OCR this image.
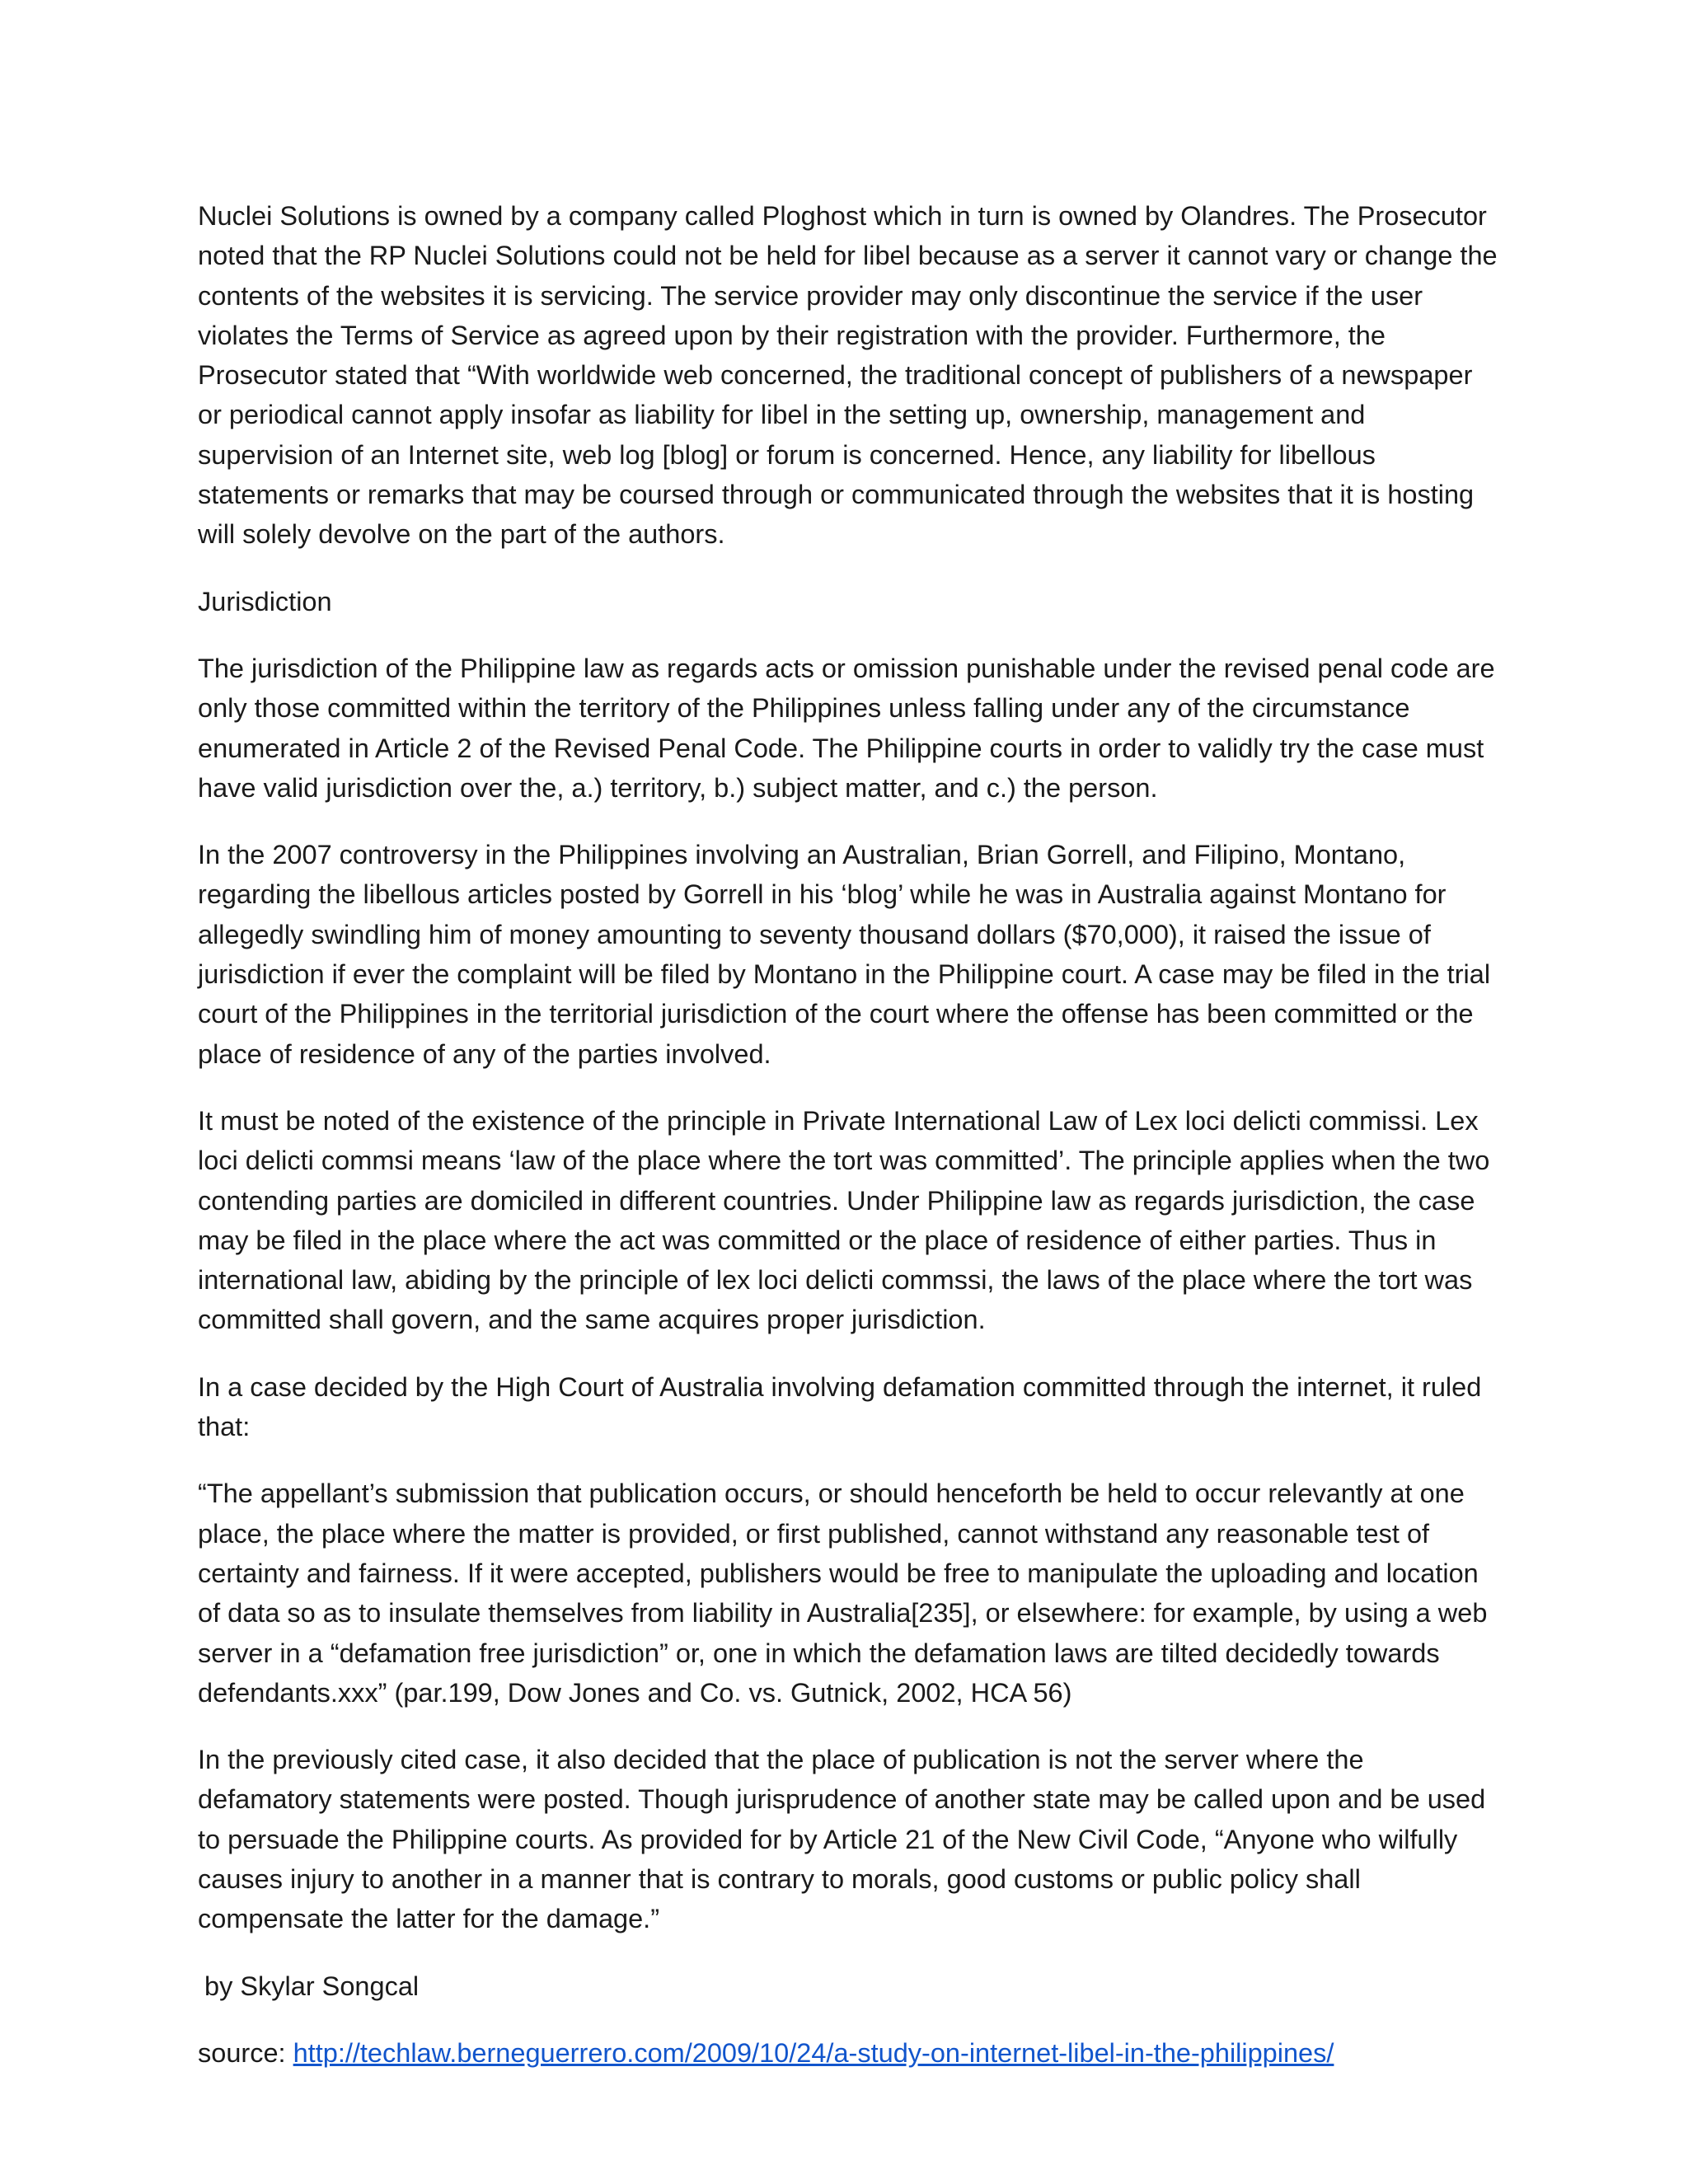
Nuclei Solutions is owned by a company called Ploghost which in turn is owned by Olandres. The Prosecutor noted that the RP Nuclei Solutions could not be held for libel because as a server it cannot vary or change the contents of the websites it is servicing. The service provider may only discontinue the service if the user violates the Terms of Service as agreed upon by their registration with the provider. Furthermore, the Prosecutor stated that “With worldwide web concerned, the traditional concept of publishers of a newspaper or periodical cannot apply insofar as liability for libel in the setting up, ownership, management and supervision of an Internet site, web log [blog] or forum is concerned. Hence, any liability for libellous statements or remarks that may be coursed through or communicated through the websites that it is hosting will solely devolve on the part of the authors.

Jurisdiction

The jurisdiction of the Philippine law as regards acts or omission punishable under the revised penal code are only those committed within the territory of the Philippines unless falling under any of the circumstance enumerated in Article 2 of the Revised Penal Code. The Philippine courts in order to validly try the case must have valid jurisdiction over the, a.) territory, b.) subject matter, and c.) the person.

In the 2007 controversy in the Philippines involving an Australian, Brian Gorrell, and Filipino, Montano, regarding the libellous articles posted by Gorrell in his ‘blog’ while he was in Australia against Montano for allegedly swindling him of money amounting to seventy thousand dollars ($70,000), it raised the issue of jurisdiction if ever the complaint will be filed by Montano in the Philippine court. A case may be filed in the trial court of the Philippines in the territorial jurisdiction of the court where the offense has been committed or the place of residence of any of the parties involved.

It must be noted of the existence of the principle in Private International Law of Lex loci delicti commissi. Lex loci delicti commsi means ‘law of the place where the tort was committed’. The principle applies when the two contending parties are domiciled in different countries. Under Philippine law as regards jurisdiction, the case may be filed in the place where the act was committed or the place of residence of either parties. Thus in international law, abiding by the principle of lex loci delicti commssi, the laws of the place where the tort was committed shall govern, and the same acquires proper jurisdiction.

In a case decided by the High Court of Australia involving defamation committed through the internet, it ruled that:

“The appellant’s submission that publication occurs, or should henceforth be held to occur relevantly at one place, the place where the matter is provided, or first published, cannot withstand any reasonable test of certainty and fairness. If it were accepted, publishers would be free to manipulate the uploading and location of data so as to insulate themselves from liability in Australia[235], or elsewhere: for example, by using a web server in a “defamation free jurisdiction” or, one in which the defamation laws are tilted decidedly towards defendants.xxx” (par.199, Dow Jones and Co. vs. Gutnick, 2002, HCA 56)

In the previously cited case, it also decided that the place of publication is not the server where the defamatory statements were posted. Though jurisprudence of another state may be called upon and be used to persuade the Philippine courts. As provided for by Article 21 of the New Civil Code, “Anyone who wilfully causes injury to another in a manner that is contrary to morals, good customs or public policy shall compensate the latter for the damage.”

by Skylar Songcal

source: http://techlaw.berneguerrero.com/2009/10/24/a-study-on-internet-libel-in-the-philippines/
